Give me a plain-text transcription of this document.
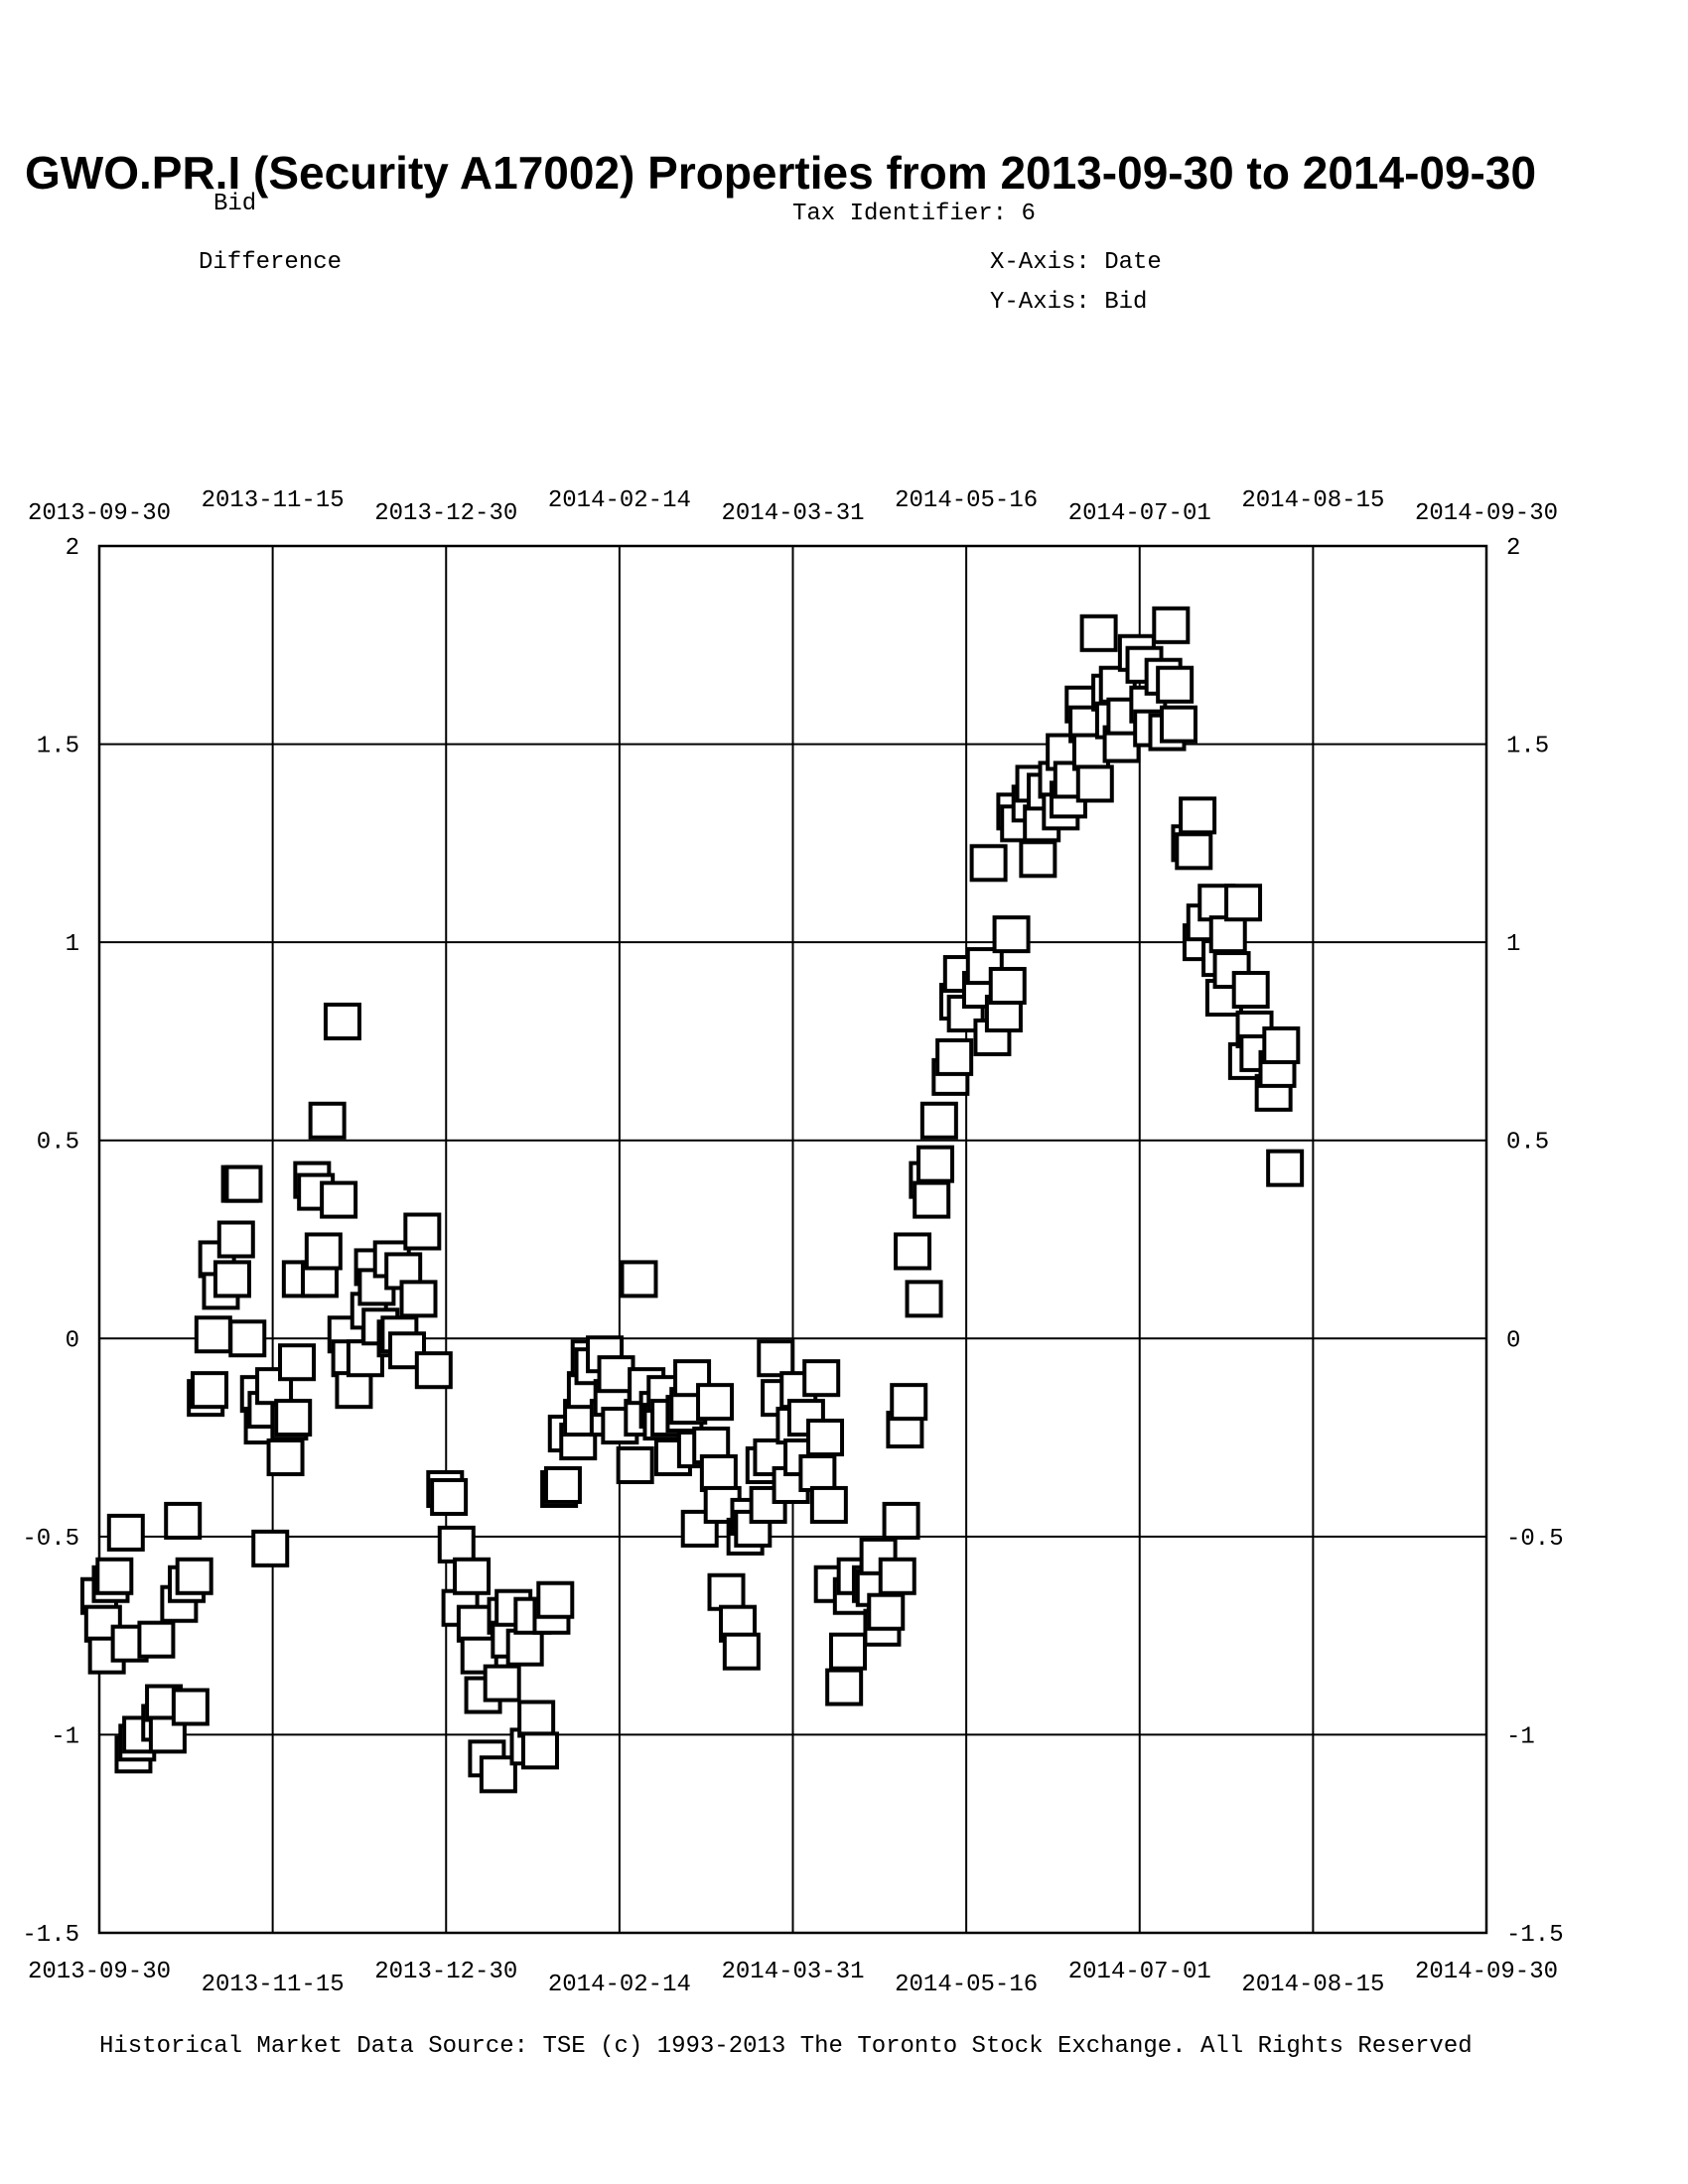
GWO.PR.I (Security A17002) Properties from 2013-09-30 to 2014-09-30
Bid
Difference
Tax Identifier: 6
X-Axis: Date
Y-Axis: Bid
2013-09-30
2013-09-30
2013-11-15
2013-11-15
2013-12-30
2013-12-30
2014-02-14
2014-02-14
2014-03-31
2014-03-31
2014-05-16
2014-05-16
2014-07-01
2014-07-01
2014-08-15
2014-08-15
2014-09-30
2014-09-30
2	2
1.5	1.5
1	1
0.5	0.5
0	0
-0.5	-0.5
-1	-1
-1.5	-1.5
Historical Market Data Source: TSE (c) 1993-2013 The Toronto Stock Exchange. All Rights Reserved
